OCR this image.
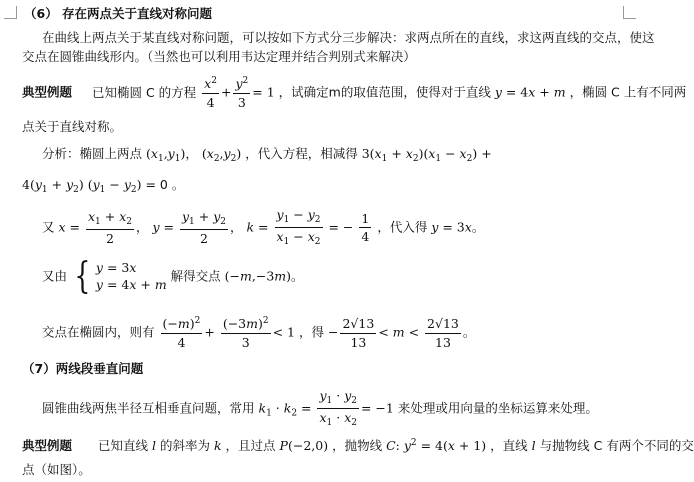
（6） 存在两点关于直线对称问题
在曲线上两点关于某直线对称问题，可以按如下方式分三步解决：求两点所在的直线，求这两直线的交点，使这
交点在圆锥曲线形内。（当然也可以利用韦达定理并结合判别式来解决）
典型例题 已知椭圆 C 的方程 $\frac{x^2}{4} + \frac{y^2}{3} = 1$ ，试确定m的取值范围，使得对于直线 y = 4x + m ，椭圆 C 上有不同两
点关于直线对称。
分析：椭圆上两点 $(x_1,y_1)$， $(x_2,y_2)$ ，代入方程，相减得 $3(x_1 + x_2)(x_1 - x_2)$ +
$4(y_1 + y_2) (y_1 - y_2) = 0$ 。
又 $x = \frac{x_1 + x_2}{2}$ ， $y = \frac{y_1 + y_2}{2}$ ， $k = \frac{y_1 - y_2}{x_1 - x_2}$ = − $\frac{1}{4}$ ，代入得 y = 3x。
又由 { y = 3x
y = 4x + m
解得交点 (−m,−3m)。
交点在椭圆内，则有 $\frac{(-m)^2}{4} + \frac{(-3m)^2}{3} < 1$ ，得 − $\frac{2√13}{13} < m < \frac{2√13}{13}$ 。
（7）两线段垂直问题
圆锥曲线两焦半径互相垂直问题，常用 $k_1 \cdot k_2 = \frac{y_1 \cdot y_2}{x_1 \cdot x_2} = -1$ 来处理或用向量的坐标运算来处理。
典型例题 已知直线 l 的斜率为 k ，且过点 P(−2,0) ，抛物线 C: $y^2 = 4(x + 1)$ ，直线 l 与抛物线 C 有两个不同的交
点（如图）。
